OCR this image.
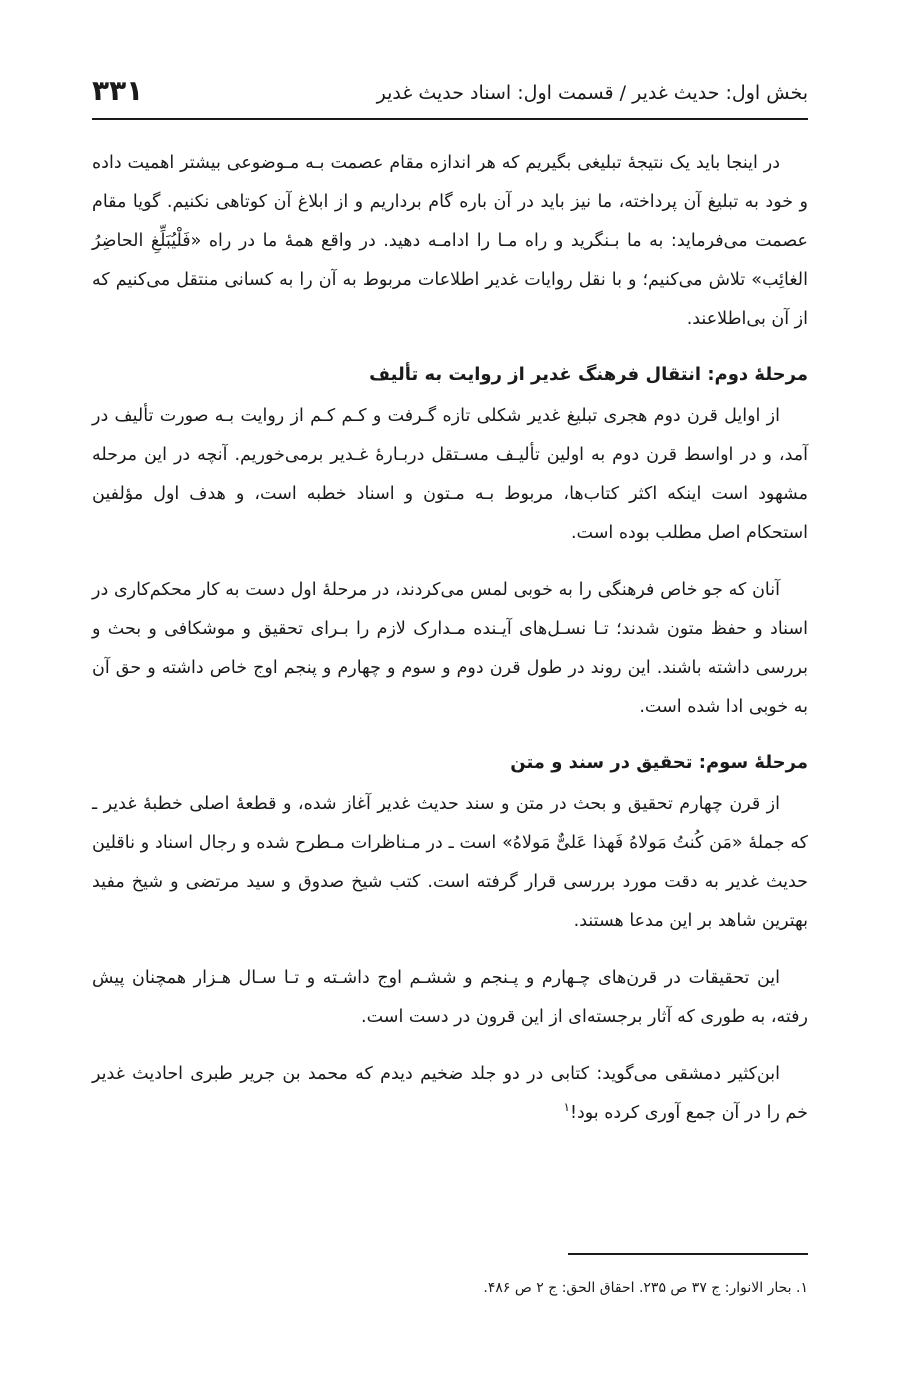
بخش اول: حدیث غدیر / قسمت اول: اسناد حدیث غدیر
۳۳۱

در اینجا باید یک نتیجهٔ تبلیغی بگیریم که هر اندازه مقام عصمت بـه مـوضوعی بیشتر اهمیت داده و خود به تبلیغ آن پرداخته، ما نیز باید در آن باره گام برداریم و از ابلاغ آن کوتاهی نکنیم. گویا مقام عصمت می‌فرماید: به ما بـنگرید و راه مـا را ادامـه دهید. در واقع همهٔ ما در راه «فَلْیُبَلِّغِ الحاضِرُ الغائِب» تلاش می‌کنیم؛ و با نقل روایات غدیر اطلاعات مربوط به آن را به کسانی منتقل می‌کنیم که از آن بی‌اطلاعند.

مرحلهٔ دوم: انتقال فرهنگ غدیر از روایت به تألیف

از اوایل قرن دوم هجری تبلیغ غدیر شکلی تازه گـرفت و کـم کـم از روایت بـه صورت تألیف در آمد، و در اواسط قرن دوم به اولین تألیـف مسـتقل دربـارهٔ غـدیر برمی‌خوریم. آنچه در این مرحله مشهود است اینکه اکثر کتاب‌ها، مربوط بـه مـتون و اسناد خطبه است، و هدف اول مؤلفین استحکام اصل مطلب بوده است.

آنان که جو خاص فرهنگی را به خوبی لمس می‌کردند، در مرحلهٔ اول دست به کار محکم‌کاری در اسناد و حفظ متون شدند؛ تـا نسـل‌های آیـنده مـدارک لازم را بـرای تحقیق و موشکافی و بحث و بررسی داشته باشند. این روند در طول قرن دوم و سوم و چهارم و پنجم اوج خاص داشته و حق آن به خوبی ادا شده است.

مرحلهٔ سوم: تحقیق در سند و متن

از قرن چهارم تحقیق و بحث در متن و سند حدیث غدیر آغاز شده، و قطعهٔ اصلی خطبهٔ غدیر ـ که جملهٔ «مَن کُنتُ مَولاهُ فَهذا عَلیٌّ مَولاهُ» است ـ در مـناظرات مـطرح شده و رجال اسناد و ناقلین حدیث غدیر به دقت مورد بررسی قرار گرفته است. کتب شیخ صدوق و سید مرتضی و شیخ مفید بهترین شاهد بر این مدعا هستند.

این تحقیقات در قرن‌های چـهارم و پـنجم و ششـم اوج داشـته و تـا سـال هـزار همچنان پیش رفته، به طوری که آثار برجسته‌ای از این قرون در دست است.

ابن‌کثیر دمشقی می‌گوید: کتابی در دو جلد ضخیم دیدم که محمد بن جریر طبری احادیث غدیر خم را در آن جمع آوری کرده بود!$^۱$

۱. بحار الانوار: ج ۳۷ ص ۲۳۵. احقاق الحق: ج ۲ ص ۴۸۶.
